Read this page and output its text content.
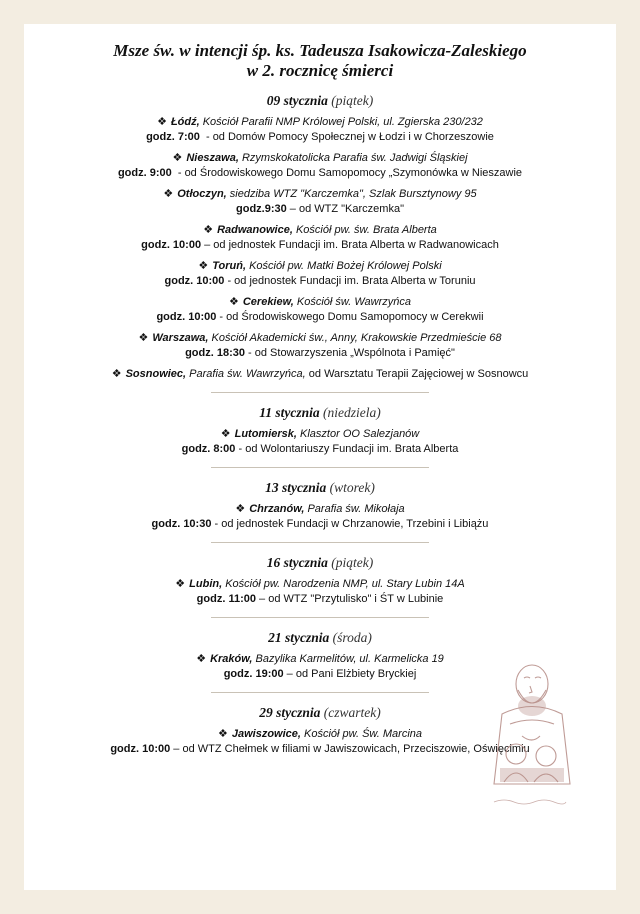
Msze św. w intencji śp. ks. Tadeusza Isakowicza-Zaleskiego
w 2. rocznicę śmierci
09 stycznia (piątek)
❖ Łódź, Kościół Parafii NMP Królowej Polski, ul. Zgierska 230/232
godz. 7:00  - od Domów Pomocy Społecznej w Łodzi i w Chorzeszowie
❖ Nieszawa, Rzymskokatolicka Parafia św. Jadwigi Śląskiej
godz. 9:00  - od Środowiskowego Domu Samopomocy „Szymonówka w Nieszawie
❖ Otłoczyn, siedziba WTZ "Karczemka", Szlak Bursztynowy 95
godz.9:30 – od WTZ "Karczemka"
❖ Radwanowice, Kościół pw. św. Brata Alberta
godz. 10:00 – od jednostek Fundacji im. Brata Alberta w Radwanowicach
❖ Toruń, Kościół pw. Matki Bożej Królowej Polski
godz. 10:00 - od jednostek Fundacji im. Brata Alberta w Toruniu
❖ Cerekiew, Kościół św. Wawrzyńca
godz. 10:00 - od Środowiskowego Domu Samopomocy w Cerekwii
❖ Warszawa, Kościół Akademicki św., Anny, Krakowskie Przedmieście 68
godz. 18:30 - od Stowarzyszenia „Wspólnota i Pamięć"
❖ Sosnowiec, Parafia św. Wawrzyńca, od Warsztatu Terapii Zajęciowej w Sosnowcu
11 stycznia (niedziela)
❖ Lutomiersk, Klasztor OO Salezjanów
godz. 8:00 - od Wolontariuszy Fundacji im. Brata Alberta
13 stycznia (wtorek)
❖ Chrzanów, Parafia św. Mikołaja
godz. 10:30 - od jednostek Fundacji w Chrzanowie, Trzebini i Libiążu
16 stycznia (piątek)
❖ Lubin, Kościół pw. Narodzenia NMP, ul. Stary Lubin 14A
godz. 11:00 – od WTZ "Przytulisko" i ŚT w Lubinie
21 stycznia (środa)
❖ Kraków, Bazylika Karmelitów, ul. Karmelicka 19
godz. 19:00 – od Pani Elżbiety Bryckiej
29 stycznia (czwartek)
❖ Jawiszowice, Kościół pw. Św. Marcina
godz. 10:00 – od WTZ Chełmek w filiami w Jawiszowicach, Przeciszowie, Oświęcimiu
